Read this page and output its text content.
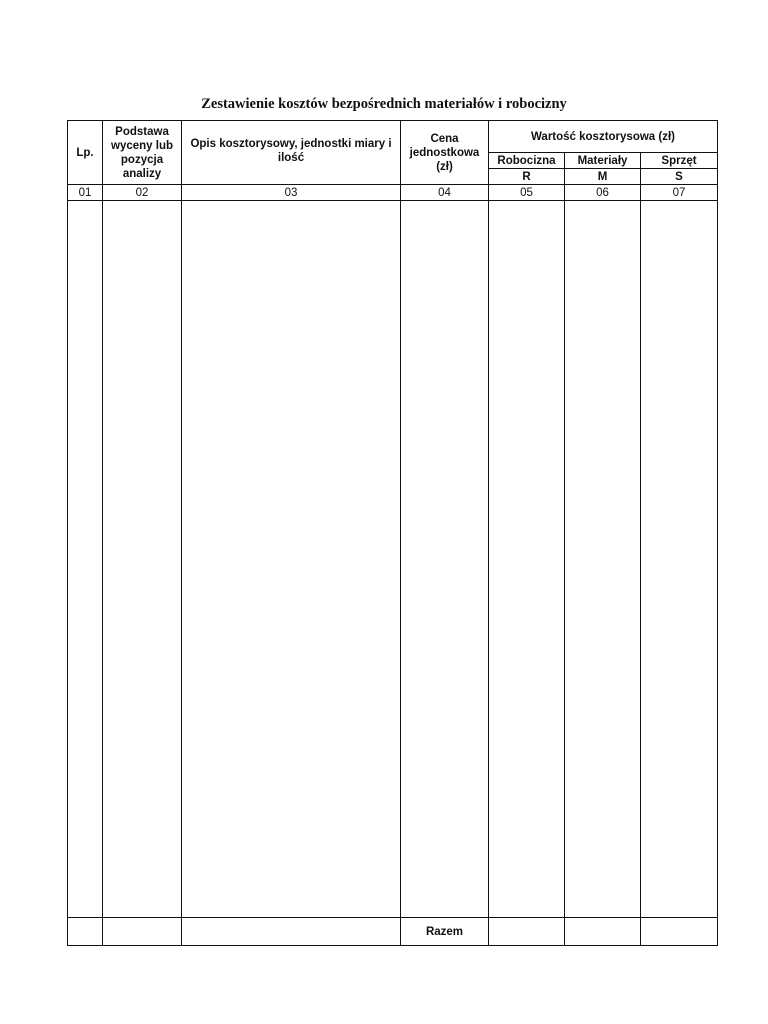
Zestawienie kosztów bezpośrednich materiałów i robocizny
Lp.	Podstawa wyceny lub pozycja analizy	Opis kosztorysowy, jednostki miary i ilość	Cena jednostkowa (zł)	Wartość kosztorysowa (zł)		
				Robocizna	Materiały	Sprzęt
				R	M	S
01	02	03	04	05	06	07

			Razem			
